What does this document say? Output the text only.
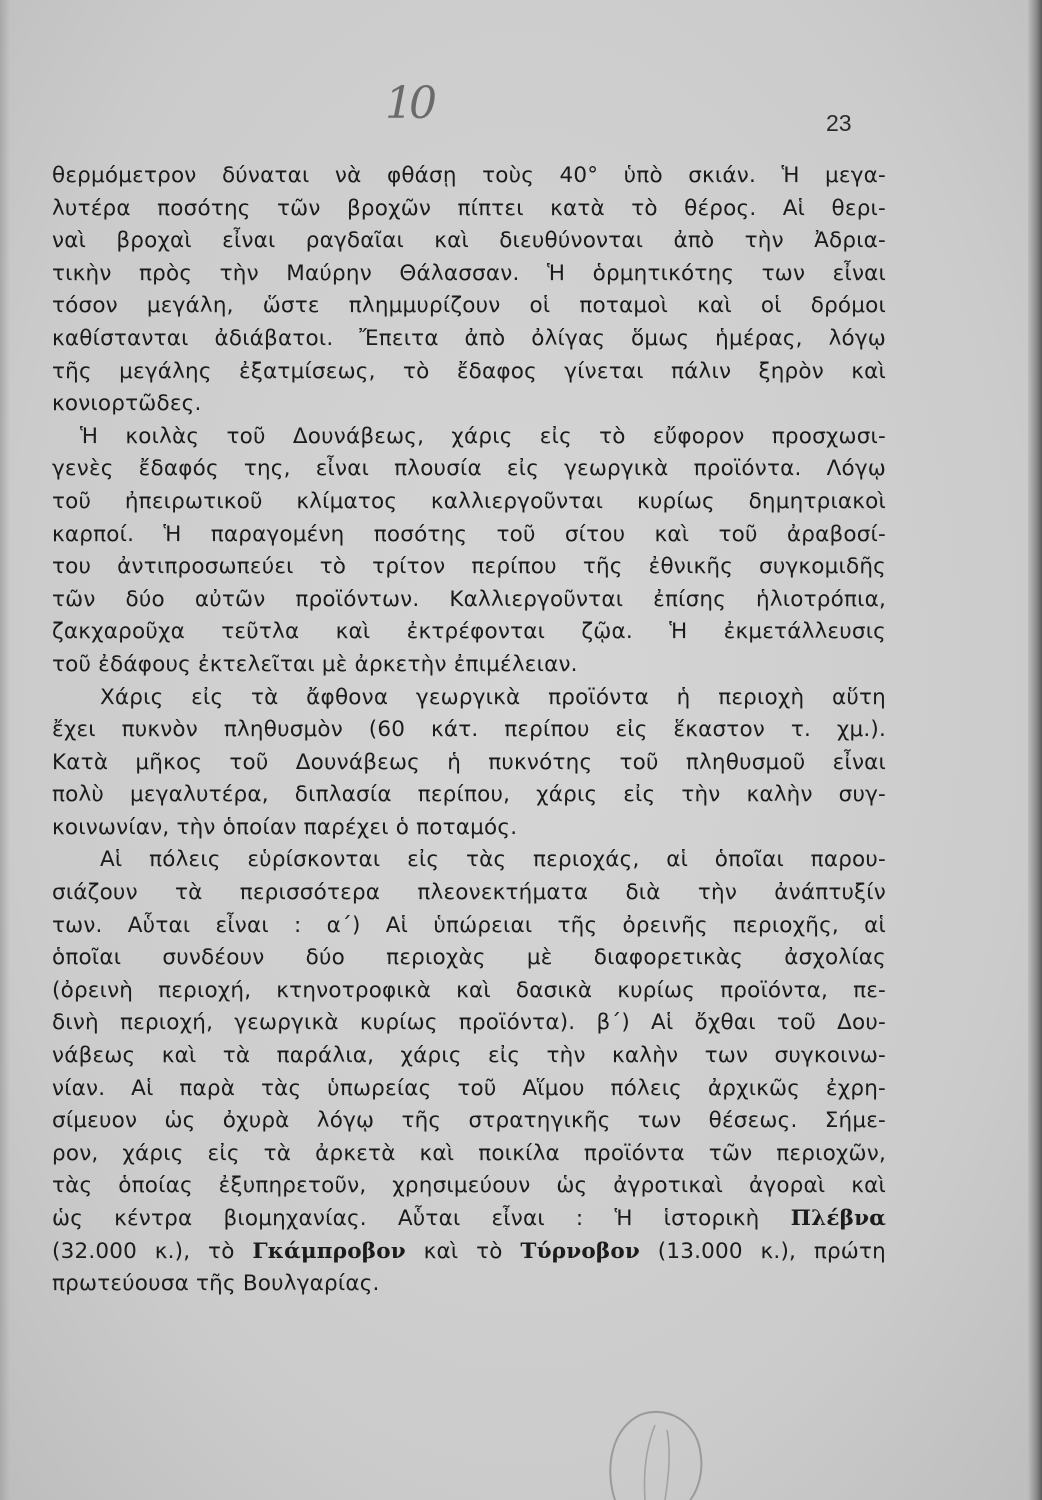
10	23
θερμόμετρον δύναται νὰ φθάσῃ τοὺς 40° ὑπὸ σκιάν. Ἡ μεγα-
λυτέρα ποσότης τῶν βροχῶν πίπτει κατὰ τὸ θέρος. Αἱ θερι-
ναὶ βροχαὶ εἶναι ραγδαῖαι καὶ διευθύνονται ἀπὸ τὴν Ἀδρια-
τικὴν πρὸς τὴν Μαύρην Θάλασσαν. Ἡ ὁρμητικότης των εἶναι
τόσον μεγάλη, ὥστε πλημμυρίζουν οἱ ποταμοὶ καὶ οἱ δρόμοι
καθίστανται ἀδιάβατοι. Ἔπειτα ἀπὸ ὀλίγας ὅμως ἡμέρας, λόγῳ
τῆς μεγάλης ἐξατμίσεως, τὸ ἔδαφος γίνεται πάλιν ξηρὸν καὶ
κονιορτῶδες.
Ἡ κοιλὰς τοῦ Δουνάβεως, χάρις εἰς τὸ εὔφορον προσχωσι-
γενὲς ἔδαφός της, εἶναι πλουσία εἰς γεωργικὰ προϊόντα. Λόγῳ
τοῦ ἠπειρωτικοῦ κλίματος καλλιεργοῦνται κυρίως δημητριακοὶ
καρποί. Ἡ παραγομένη ποσότης τοῦ σίτου καὶ τοῦ ἀραβοσί-
του ἀντιπροσωπεύει τὸ τρίτον περίπου τῆς ἐθνικῆς συγκομιδῆς
τῶν δύο αὐτῶν προϊόντων. Καλλιεργοῦνται ἐπίσης ἡλιοτρόπια,
ζακχαροῦχα τεῦτλα καὶ ἐκτρέφονται ζῷα. Ἡ ἐκμετάλλευσις
τοῦ ἐδάφους ἐκτελεῖται μὲ ἀρκετὴν ἐπιμέλειαν.
Χάρις εἰς τὰ ἄφθονα γεωργικὰ προϊόντα ἡ περιοχὴ αὕτη
ἔχει πυκνὸν πληθυσμὸν (60 κάτ. περίπου εἰς ἕκαστον τ. χμ.).
Κατὰ μῆκος τοῦ Δουνάβεως ἡ πυκνότης τοῦ πληθυσμοῦ εἶναι
πολὺ μεγαλυτέρα, διπλασία περίπου, χάρις εἰς τὴν καλὴν συγ-
κοινωνίαν, τὴν ὁποίαν παρέχει ὁ ποταμός.
Αἱ πόλεις εὑρίσκονται εἰς τὰς περιοχάς, αἱ ὁποῖαι παρου-
σιάζουν τὰ περισσότερα πλεονεκτήματα διὰ τὴν ἀνάπτυξίν
των. Αὗται εἶναι : α΄) Αἱ ὑπώρειαι τῆς ὀρεινῆς περιοχῆς, αἱ
ὁποῖαι συνδέουν δύο περιοχὰς μὲ διαφορετικὰς ἀσχολίας
(ὀρεινὴ περιοχή, κτηνοτροφικὰ καὶ δασικὰ κυρίως προϊόντα, πε-
δινὴ περιοχή, γεωργικὰ κυρίως προϊόντα). β΄) Αἱ ὄχθαι τοῦ Δου-
νάβεως καὶ τὰ παράλια, χάρις εἰς τὴν καλὴν των συγκοινω-
νίαν. Αἱ παρὰ τὰς ὑπωρείας τοῦ Αἵμου πόλεις ἀρχικῶς ἐχρη-
σίμευον ὡς ὀχυρὰ λόγῳ τῆς στρατηγικῆς των θέσεως. Σήμε-
ρον, χάρις εἰς τὰ ἀρκετὰ καὶ ποικίλα προϊόντα τῶν περιοχῶν,
τὰς ὁποίας ἐξυπηρετοῦν, χρησιμεύουν ὡς ἀγροτικαὶ ἀγοραὶ καὶ
ὡς κέντρα βιομηχανίας. Αὗται εἶναι : Ἡ ἱστορικὴ Πλέβνα
(32.000 κ.), τὸ Γκάμπροβον καὶ τὸ Τύρνοβον (13.000 κ.), πρώτη
πρωτεύουσα τῆς Βουλγαρίας.
